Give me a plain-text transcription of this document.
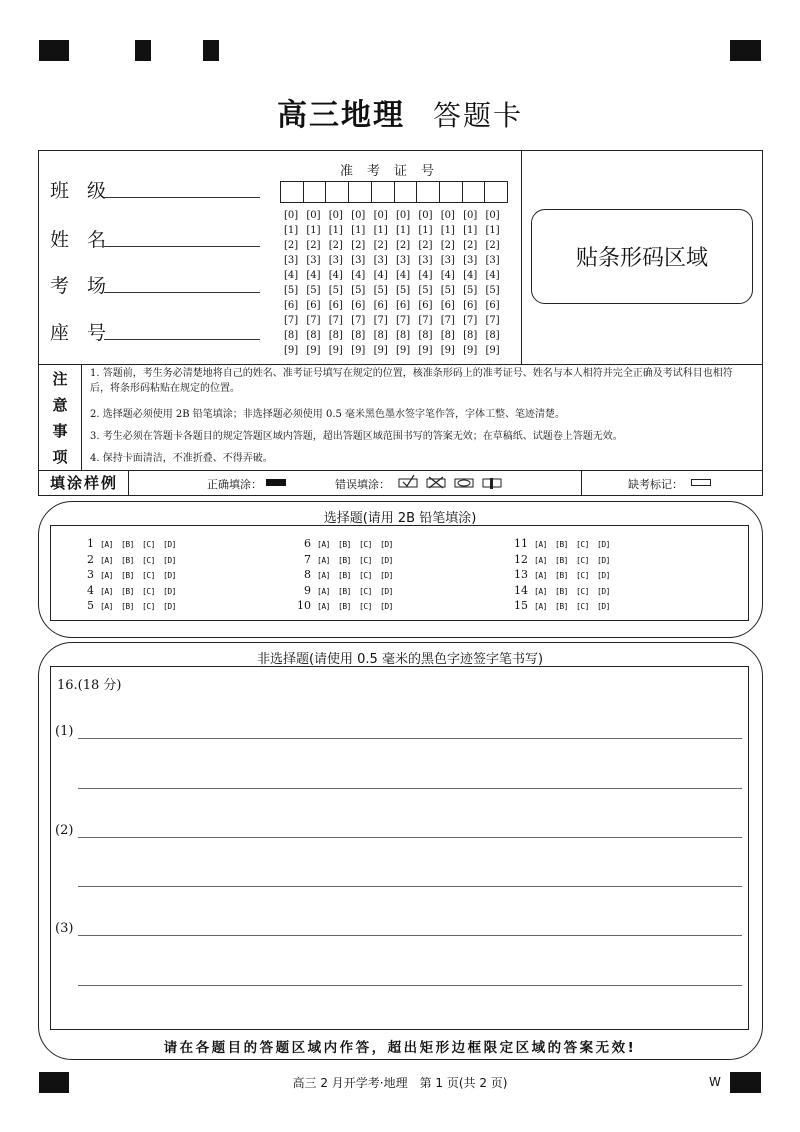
高三地理 答题卡
班级
姓名
考场
座号
准考证号
[0] [0] [0] [0] [0] [0] [0] [0] [0] [0]
[1] [1] [1] [1] [1] [1] [1] [1] [1] [1]
[2] [2] [2] [2] [2] [2] [2] [2] [2] [2]
[3] [3] [3] [3] [3] [3] [3] [3] [3] [3]
[4] [4] [4] [4] [4] [4] [4] [4] [4] [4]
[5] [5] [5] [5] [5] [5] [5] [5] [5] [5]
[6] [6] [6] [6] [6] [6] [6] [6] [6] [6]
[7] [7] [7] [7] [7] [7] [7] [7] [7] [7]
[8] [8] [8] [8] [8] [8] [8] [8] [8] [8]
[9] [9] [9] [9] [9] [9] [9] [9] [9] [9]
贴条形码区域
注
意
事
项
1. 答题前，考生务必清楚地将自己的姓名、准考证号填写在规定的位置，核准条形码上的准考证号、姓名与本人相符并完全正确及考试科目也相符后，将条形码粘贴在规定的位置。
2. 选择题必须使用 2B 铅笔填涂；非选择题必须使用 0.5 毫米黑色墨水签字笔作答，字体工整、笔迹清楚。
3. 考生必须在答题卡各题目的规定答题区域内答题，超出答题区域范围书写的答案无效；在草稿纸、试题卷上答题无效。
4. 保持卡面清洁，不准折叠、不得弄破。
填涂样例	正确填涂：	错误填涂：	缺考标记：
选择题(请用 2B 铅笔填涂)
1 [A] [B] [C] [D]
2 [A] [B] [C] [D]
3 [A] [B] [C] [D]
4 [A] [B] [C] [D]
5 [A] [B] [C] [D]
6 [A] [B] [C] [D]
7 [A] [B] [C] [D]
8 [A] [B] [C] [D]
9 [A] [B] [C] [D]
10 [A] [B] [C] [D]
11 [A] [B] [C] [D]
12 [A] [B] [C] [D]
13 [A] [B] [C] [D]
14 [A] [B] [C] [D]
15 [A] [B] [C] [D]
非选择题(请使用 0.5 毫米的黑色字迹签字笔书写)
16.(18 分)
(1)
(2)
(3)
请在各题目的答题区域内作答，超出矩形边框限定区域的答案无效!
高三 2 月开学考·地理　第 1 页(共 2 页)	W
